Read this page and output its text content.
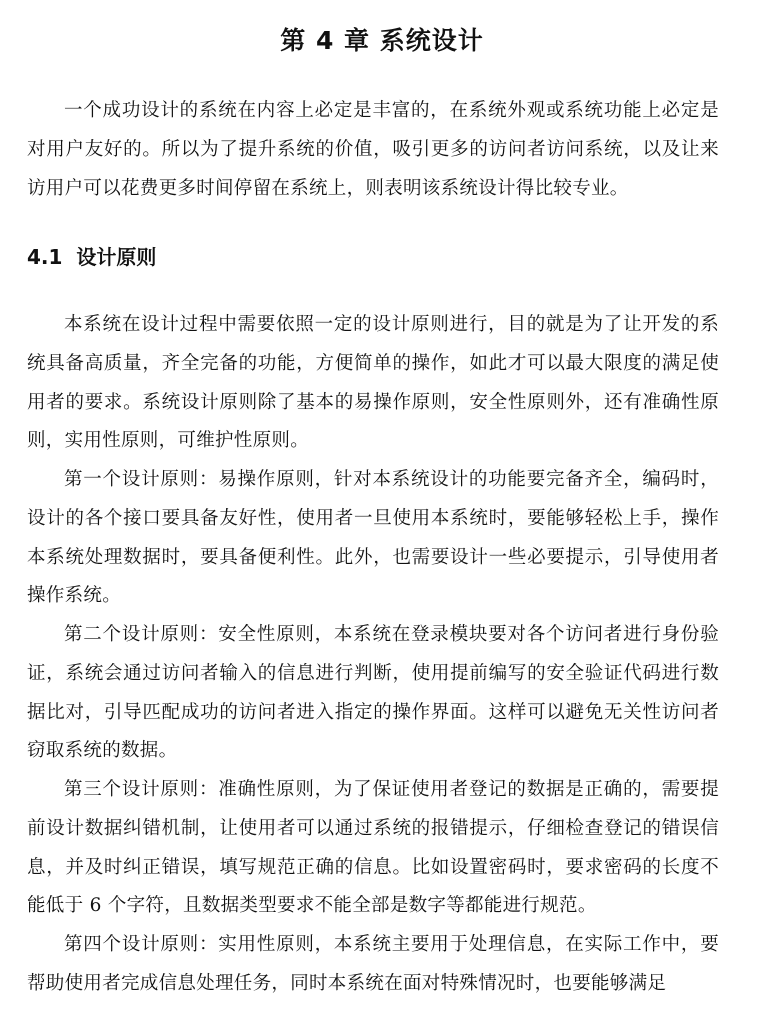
第 4 章 系统设计

一个成功设计的系统在内容上必定是丰富的，在系统外观或系统功能上必定是对用户友好的。所以为了提升系统的价值，吸引更多的访问者访问系统，以及让来访用户可以花费更多时间停留在系统上，则表明该系统设计得比较专业。

4.1 设计原则

本系统在设计过程中需要依照一定的设计原则进行，目的就是为了让开发的系统具备高质量，齐全完备的功能，方便简单的操作，如此才可以最大限度的满足使用者的要求。系统设计原则除了基本的易操作原则，安全性原则外，还有准确性原则，实用性原则，可维护性原则。

第一个设计原则：易操作原则，针对本系统设计的功能要完备齐全，编码时，设计的各个接口要具备友好性，使用者一旦使用本系统时，要能够轻松上手，操作本系统处理数据时，要具备便利性。此外，也需要设计一些必要提示，引导使用者操作系统。

第二个设计原则：安全性原则，本系统在登录模块要对各个访问者进行身份验证，系统会通过访问者输入的信息进行判断，使用提前编写的安全验证代码进行数据比对，引导匹配成功的访问者进入指定的操作界面。这样可以避免无关性访问者窃取系统的数据。

第三个设计原则：准确性原则，为了保证使用者登记的数据是正确的，需要提前设计数据纠错机制，让使用者可以通过系统的报错提示，仔细检查登记的错误信息，并及时纠正错误，填写规范正确的信息。比如设置密码时，要求密码的长度不能低于 6 个字符，且数据类型要求不能全部是数字等都能进行规范。

第四个设计原则：实用性原则，本系统主要用于处理信息，在实际工作中，要帮助使用者完成信息处理任务，同时本系统在面对特殊情况时，也要能够满足
